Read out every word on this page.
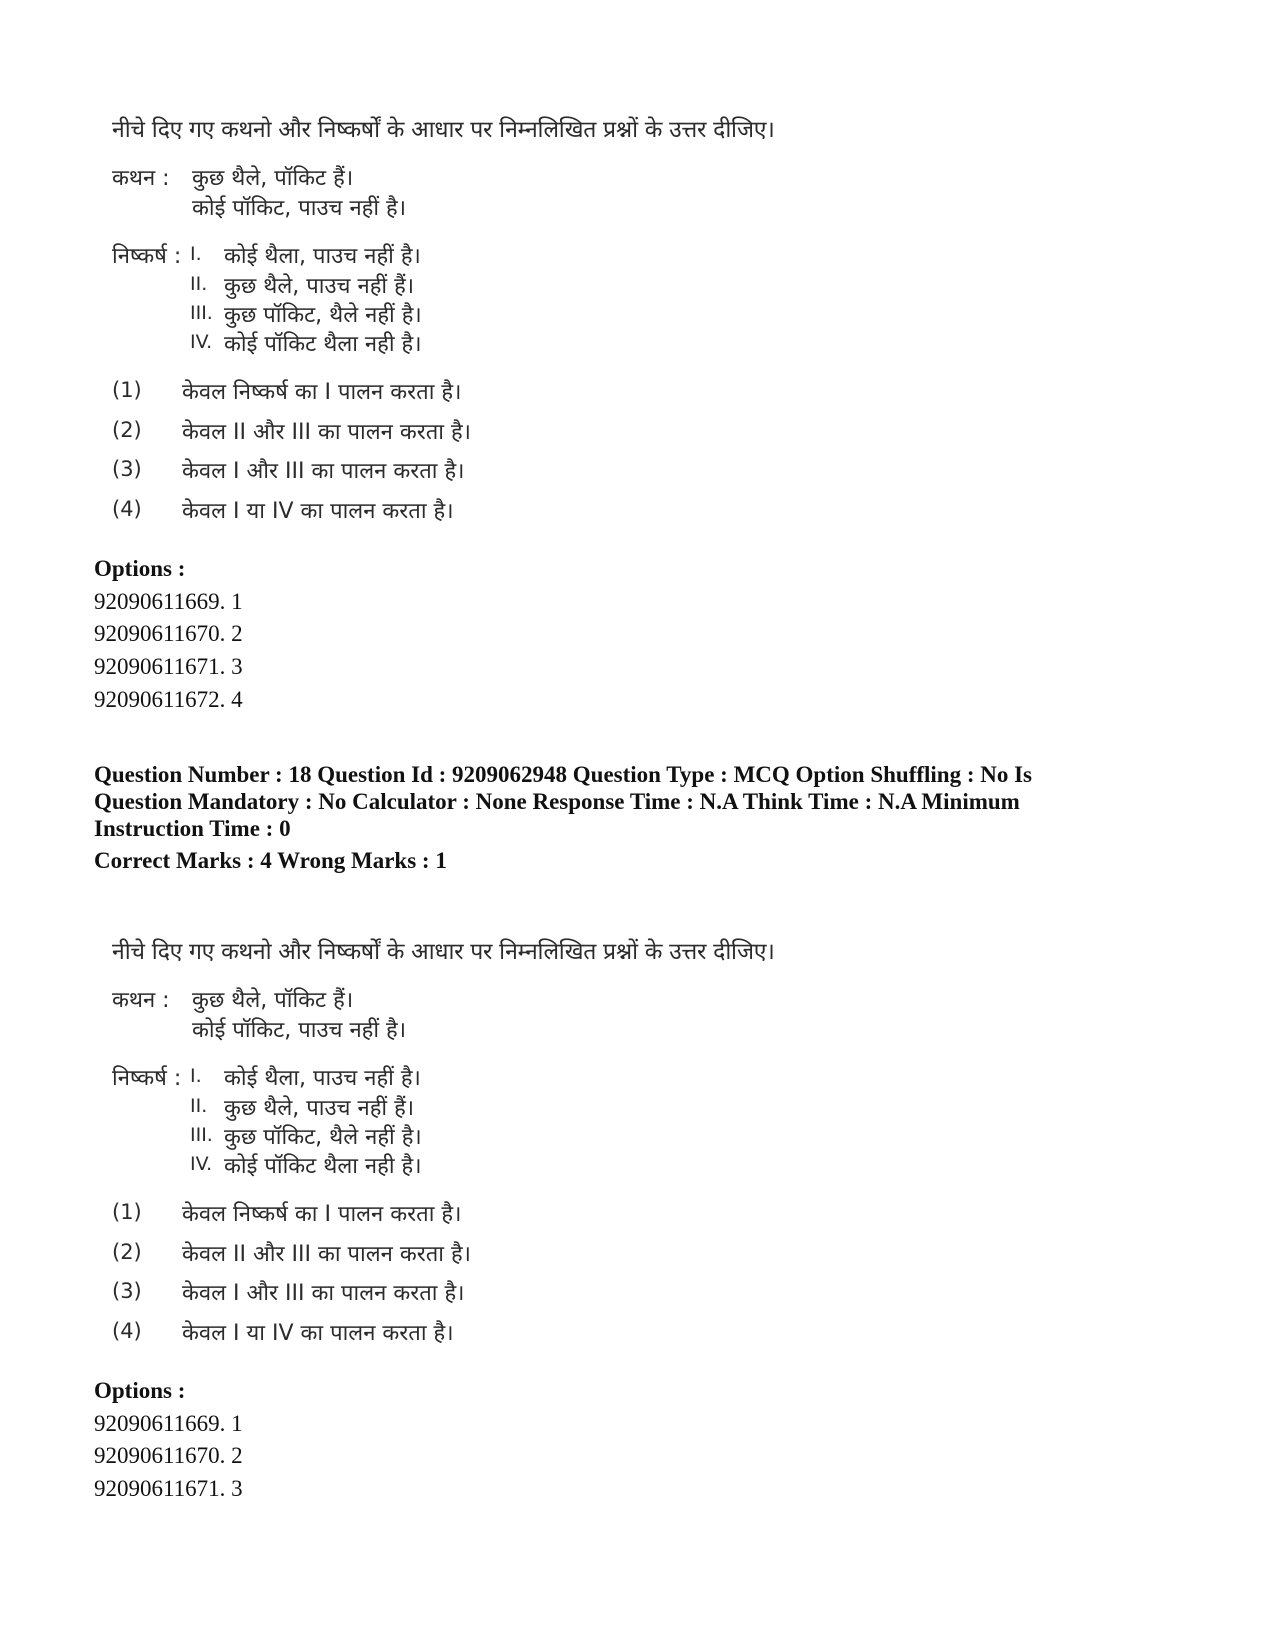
नीचे दिए गए कथनो और निष्कर्षों के आधार पर निम्नलिखित प्रश्नों के उत्तर दीजिए।
कथन : कुछ थैले, पॉकिट हैं।
कोई पॉकिट, पाउच नहीं है।
निष्कर्ष : I. कोई थैला, पाउच नहीं है।
II. कुछ थैले, पाउच नहीं हैं।
III. कुछ पॉकिट, थैले नहीं है।
IV. कोई पॉकिट थैला नही है।
(1) केवल निष्कर्ष का I पालन करता है।
(2) केवल II और III का पालन करता है।
(3) केवल I और III का पालन करता है।
(4) केवल I या IV का पालन करता है।
Options :
92090611669. 1
92090611670. 2
92090611671. 3
92090611672. 4
Question Number : 18 Question Id : 9209062948 Question Type : MCQ Option Shuffling : No Is Question Mandatory : No Calculator : None Response Time : N.A Think Time : N.A Minimum Instruction Time : 0
Correct Marks : 4 Wrong Marks : 1
नीचे दिए गए कथनो और निष्कर्षों के आधार पर निम्नलिखित प्रश्नों के उत्तर दीजिए।
कथन : कुछ थैले, पॉकिट हैं।
कोई पॉकिट, पाउच नहीं है।
निष्कर्ष : I. कोई थैला, पाउच नहीं है।
II. कुछ थैले, पाउच नहीं हैं।
III. कुछ पॉकिट, थैले नहीं है।
IV. कोई पॉकिट थैला नही है।
(1) केवल निष्कर्ष का I पालन करता है।
(2) केवल II और III का पालन करता है।
(3) केवल I और III का पालन करता है।
(4) केवल I या IV का पालन करता है।
Options :
92090611669. 1
92090611670. 2
92090611671. 3
